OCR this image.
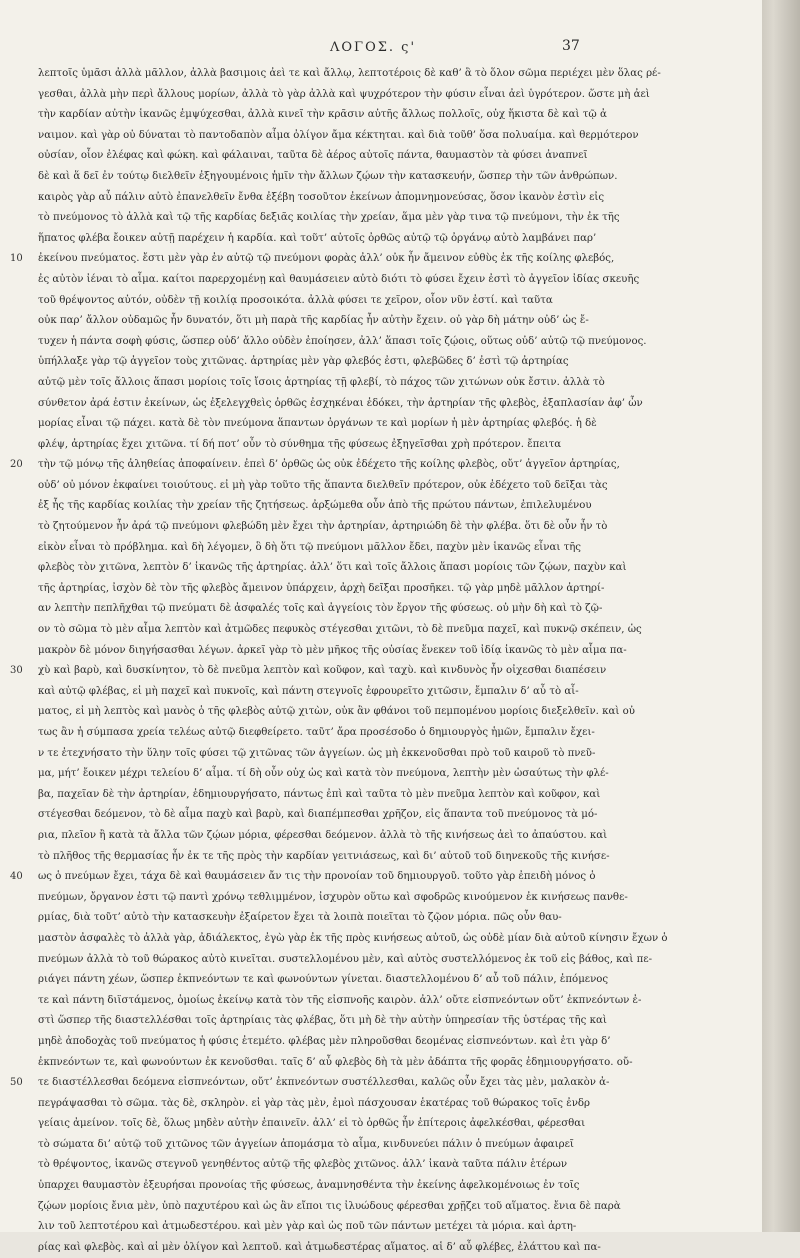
ΛΟΓΟΣ. ς'	37
λεπτοῖς ὑμᾶσι ἀλλὰ μᾶλλον, ἀλλὰ βασιμοις ἀεὶ τε καὶ ἄλλῳ, λεπτοτέροις δὲ καθ’ ἃ τὸ ὅλον σῶμα περιέχει μὲν ὅλας ρέ-
γεσθαι, ἀλλὰ μὴν περὶ ἄλλους μορίων, ἀλλὰ τὸ γὰρ ἀλλὰ καὶ ψυχρότερον τὴν φύσιν εἶναι ἀεὶ ὑγρότερον. ὥστε μὴ ἀεὶ
τὴν καρδίαν αὐτὴν ἱκανῶς ἐμψύχεσθαι, ἀλλὰ κινεῖ τὴν κρᾶσιν αὐτῆς ἄλλως πολλοῖς, οὐχ ἥκιστα δὲ καὶ τῷ ἀ
ναιμον. καὶ γὰρ οὐ δύναται τὸ παντοδαπὸν αἷμα ὀλίγον ἄμα κέκτηται. καὶ διὰ τοῦθ’ ὅσα πολυαίμα. καὶ θερμότερον
οὐσίαν, οἷον ἐλέφας καὶ φώκη. καὶ φάλαιναι, ταῦτα δὲ ἀέρος αὐτοῖς πάντα, θαυμαστὸν τὰ φύσει ἀναπνεῖ
δὲ καὶ ἅ δεῖ ἐν τούτῳ διελθεῖν ἐξηγουμένοις ἡμῖν τὴν ἄλλων ζῴων τὴν κατασκευήν, ὥσπερ τὴν τῶν ἀνθρώπων.
καιρὸς γὰρ αὖ πάλιν αὐτὸ ἐπανελθεῖν ἔνθα ἐξέβη τοσοῦτον ἐκείνων ἀπομνημονεύσας, ὅσον ἱκανὸν ἐστὶν εἰς
τὸ πνεύμονος τὸ ἀλλὰ καὶ τῷ τῆς καρδίας δεξιᾶς κοιλίας τὴν χρείαν, ἅμα μὲν γὰρ τινα τῷ πνεύμονι, τὴν ἐκ τῆς
ἥπατος φλέβα ἔοικεν αὐτῇ παρέχειν ἡ καρδία. καὶ τοῦτ’ αὐτοῖς ὀρθῶς αὐτῷ τῷ ὀργάνῳ αὐτὸ λαμβάνει παρ’
10	ἐκείνου πνεύματος. ἔστι μὲν γὰρ ἐν αὐτῷ τῷ πνεύμονι φορὰς ἀλλ’ οὐκ ἦν ἄμεινον εὐθὺς ἐκ τῆς κοίλης φλεβός,
ἐς αὐτὸν ἰέναι τὸ αἷμα. καίτοι παρερχομένῃ καὶ θαυμάσειεν αὐτὸ διότι τὸ φύσει ἔχειν ἐστὶ τὸ ἀγγεῖον ἰδίας σκευῆς
τοῦ θρέψοντος αὐτόν, οὐδὲν τῇ κοιλίᾳ προσοικότα. ἀλλὰ φύσει τε χεῖρον, οἷον νῦν ἐστί. καὶ ταῦτα
οὐκ παρ’ ἄλλον οὐδαμῶς ἦν δυνατόν, ὅτι μὴ παρὰ τῆς καρδίας ἦν αὐτὴν ἔχειν. οὐ γὰρ δὴ μάτην οὐδ’ ὡς ἔ-
τυχεν ἡ πάντα σοφὴ φύσις, ὥσπερ οὐδ’ ἄλλο οὐδὲν ἐποίησεν, ἀλλ’ ἅπασι τοῖς ζῴοις, οὕτως οὐδ’ αὐτῷ τῷ πνεύμονος.
ὑπήλλαξε γὰρ τῷ ἀγγεῖον τοὺς χιτῶνας. ἀρτηρίας μὲν γὰρ φλεβός ἐστι, φλεβῶδες δ’ ἐστὶ τῷ ἀρτηρίας
αὐτῷ μὲν τοῖς ἄλλοις ἅπασι μορίοις τοῖς ἴσοις ἀρτηρίας τῇ φλεβί, τὸ πάχος τῶν χιτώνων οὐκ ἔστιν. ἀλλὰ τὸ
σύνθετον ἀρά ἐστιν ἐκείνων, ὡς ἐξελεγχθεὶς ὀρθῶς ἐσχηκέναι ἐδόκει, τὴν ἀρτηρίαν τῆς φλεβὸς, ἑξαπλασίαν ἀφ’ ὧν
μορίας εἶναι τῷ πάχει. κατὰ δὲ τὸν πνεύμονα ἅπαντων ὀργάνων τε καὶ μορίων ἡ μὲν ἀρτηρίας φλεβός. ἡ δὲ
φλέψ, ἀρτηρίας ἔχει χιτῶνα. τί δή ποτ’ οὖν τὸ σύνθημα τῆς φύσεως ἐξηγεῖσθαι χρὴ πρότερον. ἔπειτα
20	τὴν τῷ μόνῳ τῆς ἀληθείας ἀποφαίνειν. ἐπεὶ δ’ ὀρθῶς ὡς οὐκ ἐδέχετο τῆς κοίλης φλεβὸς, οὔτ’ ἀγγεῖον ἀρτηρίας,
οὐδ’ οὐ μόνον ἐκφαίνει τοιούτους. εἰ μὴ γὰρ τοῦτο τῆς ἅπαντα διελθεῖν πρότερον, οὐκ ἐδέχετο τοῦ δεῖξαι τὰς
ἐξ ἧς τῆς καρδίας κοιλίας τὴν χρείαν τῆς ζητήσεως. ἀρξώμεθα οὖν ἀπὸ τῆς πρώτου πάντων, ἐπιλελυμένου
τὸ ζητούμενον ἦν ἀρά τῷ πνεύμονι φλεβώδη μὲν ἔχει τὴν ἀρτηρίαν, ἀρτηριώδη δὲ τὴν φλέβα. ὅτι δὲ οὖν ἦν τὸ
εἰκὸν εἶναι τὸ πρόβλημα. καὶ δὴ λέγομεν, ὃ δὴ ὅτι τῷ πνεύμονι μᾶλλον ἔδει, παχὺν μὲν ἱκανῶς εἶναι τῆς
φλεβὸς τὸν χιτῶνα, λεπτὸν δ’ ἱκανῶς τῆς ἀρτηρίας. ἀλλ’ ὅτι καὶ τοῖς ἄλλοις ἅπασι μορίοις τῶν ζῴων, παχὺν καὶ
τῆς ἀρτηρίας, ἰσχὸν δὲ τὸν τῆς φλεβὸς ἄμεινον ὑπάρχειν, ἀρχὴ δεῖξαι προσῆκει. τῷ γὰρ μηδὲ μᾶλλον ἀρτηρί-
αν λεπτὴν πεπλῆχθαι τῷ πνεύματι δὲ ἀσφαλές τοῖς καὶ ἀγγείοις τὸν ἔργον τῆς φύσεως. οὐ μὴν δὴ καὶ τὸ ζῷ-
ον τὸ σῶμα τὸ μὲν αἷμα λεπτὸν καὶ ἀτμῶδες πεφυκὸς στέγεσθαι χιτῶνι, τὸ δὲ πνεῦμα παχεῖ, καὶ πυκνῷ σκέπειν, ὡς
μακρὸν δὲ μόνον διηγήσασθαι λέγων. ἀρκεῖ γὰρ τὸ μὲν μῆκος τῆς οὐσίας ἕνεκεν τοῦ ἰδίᾳ ἱκανῶς τὸ μὲν αἷμα πα-
30	χὺ καὶ βαρὺ, καὶ δυσκίνητον, τὸ δὲ πνεῦμα λεπτὸν καὶ κοῦφον, καὶ ταχὺ. καὶ κινδυνὸς ἦν οἰχεσθαι διαπέσειν
καὶ αὐτῷ φλέβας, εἰ μὴ παχεῖ καὶ πυκνοῖς, καὶ πάντη στεγνοῖς ἐφρουρεῖτο χιτῶσιν, ἔμπαλιν δ’ αὖ τὸ αἷ-
ματος, εἰ μὴ λεπτὸς καὶ μανὸς ὁ τῆς φλεβὸς αὐτῷ χιτὼν, οὐκ ἂν φθάνοι τοῦ πεμπομένου μορίοις διεξελθεῖν. καὶ οὐ
τως ἂν ἡ σύμπασα χρεία τελέως αὐτῷ διεφθείρετο. ταῦτ’ ἄρα προσέσοδο ὁ δημιουργὸς ἡμῶν, ἔμπαλιν ἔχει-
ν τε ἐτεχνήσατο τὴν ὕλην τοῖς φύσει τῷ χιτῶνας τῶν ἀγγείων. ὡς μὴ ἐκκενοῦσθαι πρὸ τοῦ καιροῦ τὸ πνεῦ-
μα, μήτ’ ἔοικεν μέχρι τελείου δ’ αἷμα. τί δὴ οὖν οὐχ ὡς καὶ κατὰ τὸν πνεύμονα, λεπτὴν μὲν ὡσαύτως τὴν φλέ-
βα, παχεῖαν δὲ τὴν ἀρτηρίαν, ἐδημιουργήσατο, πάντως ἐπὶ καὶ ταῦτα τὸ μὲν πνεῦμα λεπτὸν καὶ κοῦφον, καὶ
στέγεσθαι δεόμενον, τὸ δὲ αἷμα παχὺ καὶ βαρὺ, καὶ διαπέμπεσθαι χρῆζον, εἰς ἅπαντα τοῦ πνεύμονος τὰ μό-
ρια, πλεῖον ἢ κατὰ τὰ ἄλλα τῶν ζῴων μόρια, φέρεσθαι δεόμενον. ἀλλὰ τὸ τῆς κινήσεως ἀεὶ το ἀπαύστου. καὶ
τὸ πλῆθος τῆς θερμασίας ἦν ἐκ τε τῆς πρὸς τὴν καρδίαν γειτνιάσεως, καὶ δι’ αὐτοῦ τοῦ διηνεκοῦς τῆς κινήσε-
40	ως ὁ πνεύμων ἔχει, τάχα δὲ καὶ θαυμάσειεν ἄν τις τὴν προνοίαν τοῦ δημιουργοῦ. τοῦτο γὰρ ἐπειδὴ μόνος ὁ
πνεύμων, ὄργανον ἐστι τῷ παντὶ χρόνῳ τεθλιμμένον, ἰσχυρὸν οὕτω καὶ σφοδρῶς κινούμενον ἐκ κινήσεως πανθε-
ρμίας, διὰ τοῦτ’ αὐτὸ τὴν κατασκευὴν ἐξαίρετον ἔχει τὰ λοιπὰ ποιεῖται τὸ ζῷον μόρια. πῶς οὖν θαυ-
μαστὸν ἀσφαλὲς τὸ ἀλλὰ γὰρ, ἀδιάλεκτος, ἐγὼ γὰρ ἐκ τῆς πρὸς κινήσεως αὐτοῦ, ὡς οὐδὲ μίαν διὰ αὐτοῦ κίνησιν ἔχων ὁ
πνεύμων ἀλλὰ τὸ τοῦ θώρακος αὐτὸ κινεῖται. συστελλομένου μὲν, καὶ αὐτὸς συστελλόμενος ἐκ τοῦ εἰς βάθος, καὶ πε-
ριάγει πάντη χέων, ὥσπερ ἐκπνεόντων τε καὶ φωνούντων γίνεται. διαστελλομένου δ’ αὖ τοῦ πάλιν, ἑπόμενος
τε καὶ πάντη διϊστάμενος, ὁμοίως ἐκείνῳ κατὰ τὸν τῆς εἰσπνοῆς καιρὸν. ἀλλ’ οὔτε εἰσπνεόντων οὔτ’ ἐκπνεόντων ἐ-
στὶ ὥσπερ τῆς διαστελλέσθαι τοῖς ἀρτηρίαις τὰς φλέβας, ὅτι μὴ δὲ τὴν αὐτὴν ὑπηρεσίαν τῆς ὑστέρας τῆς καὶ
μηδὲ ἀποδοχὰς τοῦ πνεύματος ἡ φύσις ἐτεμέτο. φλέβας μὲν πληροῦσθαι δεομένας εἰσπνεόντων. καὶ ἐτι γὰρ δ’
ἐκπνεόντων τε, καὶ φωνούντων ἐκ κενοῦσθαι. ταῖς δ’ αὖ φλεβὸς δὴ τὰ μὲν ἀδάπτα τῆς φορᾶς ἐδημιουργήσατο. οὔ-
50	τε διαστέλλεσθαι δεόμενα εἰσπνεόντων, οὔτ’ ἐκπνεόντων συστέλλεσθαι, καλῶς οὖν ἔχει τὰς μὲν, μαλακὸν ἀ-
πεγράψασθαι τὸ σῶμα. τὰς δὲ, σκληρὸν. εἰ γὰρ τὰς μὲν, ἐμοὶ πάσχουσαν ἑκατέρας τοῦ θώρακος τοῖς ἐνδρ
γείαις ἀμείνον. τοῖς δὲ, ὅλως μηδὲν αὐτὴν ἐπαινεῖν. ἀλλ’ εἰ τὸ ὀρθῶς ἦν ἐπίτεροις ἀφελκέσθαι, φέρεσθαι
τὸ σώματα δι’ αὐτῷ τοῦ χιτῶνος τῶν ἀγγείων ἀπομάσμα τὸ αἷμα, κινδυνεύει πάλιν ὁ πνεύμων ἀφαιρεῖ
τὸ θρέψοντος, ἱκανῶς στεγνοῦ γενηθέντος αὐτῷ τῆς φλεβὸς χιτῶνος. ἀλλ’ ἱκανὰ ταῦτα πάλιν ἑτέρων
ὑπαρχει θαυμαστὸν ἐξευρήσαι προνοίας τῆς φύσεως, ἀναμνησθέντα τὴν ἐκείνης ἀφελκομένοιως ἐν τοῖς
ζῴων μορίοις ἔνια μὲν, ὑπὸ παχυτέρου καὶ ὡς ἂν εἴποι τις ἰλυώδους φέρεσθαι χρῇζει τοῦ αἵματος. ἔνια δὲ παρὰ
λιν τοῦ λεπτοτέρου καὶ ἀτμωδεστέρου. καὶ μὲν γὰρ καὶ ὡς ποῦ τῶν πάντων μετέχει τὰ μόρια. καὶ ἀρτη-
ρίας καὶ φλεβὸς. καὶ αἱ μὲν ὀλίγον καὶ λεπτοῦ. καὶ ἀτμωδεστέρας αἵματος. αἱ δ’ αὖ φλέβες, ἐλάττου καὶ πα-
